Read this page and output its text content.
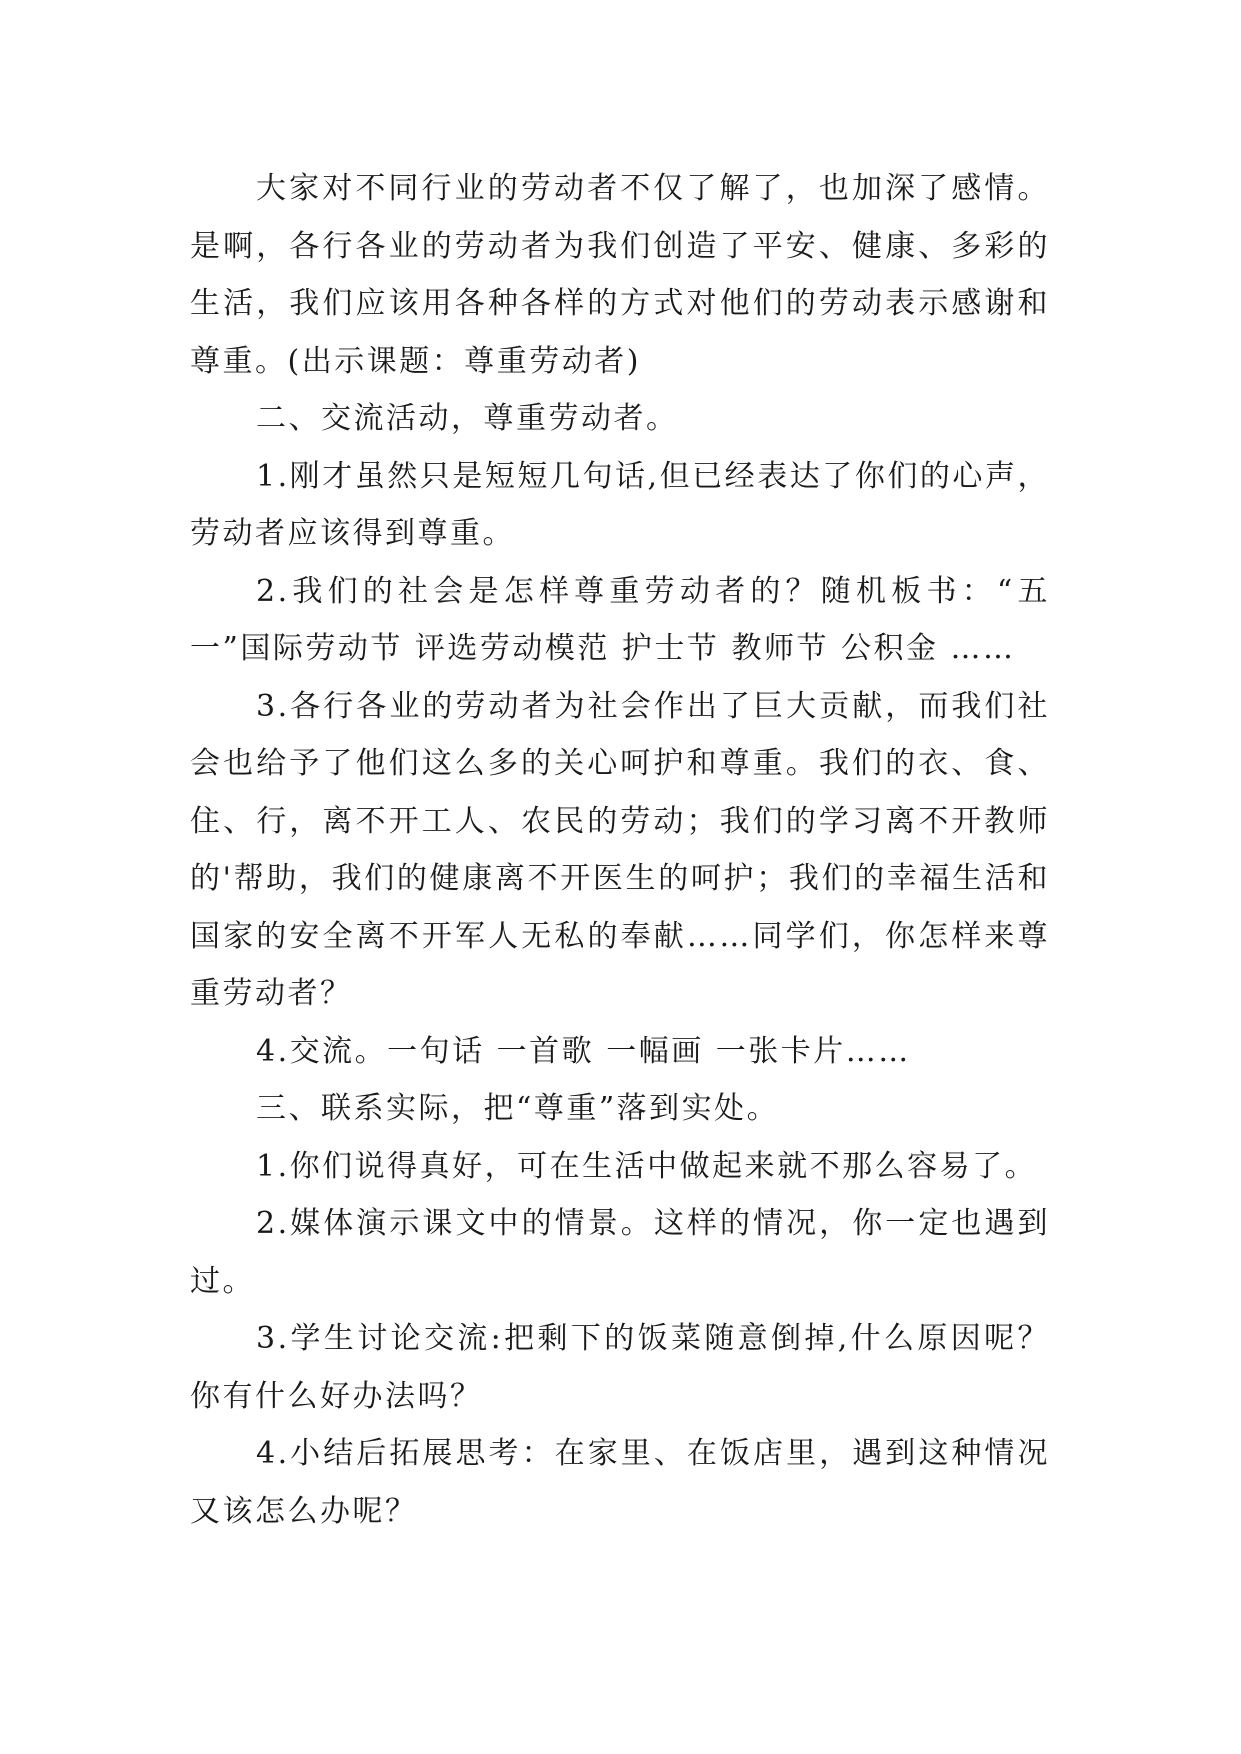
大家对不同行业的劳动者不仅了解了，也加深了感情。是啊，各行各业的劳动者为我们创造了平安、健康、多彩的生活，我们应该用各种各样的方式对他们的劳动表示感谢和尊重。(出示课题：尊重劳动者)

二、交流活动，尊重劳动者。

1.刚才虽然只是短短几句话,但已经表达了你们的心声，劳动者应该得到尊重。

2.我们的社会是怎样尊重劳动者的？随机板书：“五一”国际劳动节 评选劳动模范 护士节 教师节 公积金 ……

3.各行各业的劳动者为社会作出了巨大贡献，而我们社会也给予了他们这么多的关心呵护和尊重。我们的衣、食、住、行，离不开工人、农民的劳动；我们的学习离不开教师的'帮助，我们的健康离不开医生的呵护；我们的幸福生活和国家的安全离不开军人无私的奉献……同学们，你怎样来尊重劳动者？

4.交流。一句话 一首歌 一幅画 一张卡片……

三、联系实际，把“尊重”落到实处。

1.你们说得真好，可在生活中做起来就不那么容易了。

2.媒体演示课文中的情景。这样的情况，你一定也遇到过。

3.学生讨论交流:把剩下的饭菜随意倒掉,什么原因呢？你有什么好办法吗？

4.小结后拓展思考：在家里、在饭店里，遇到这种情况又该怎么办呢？
